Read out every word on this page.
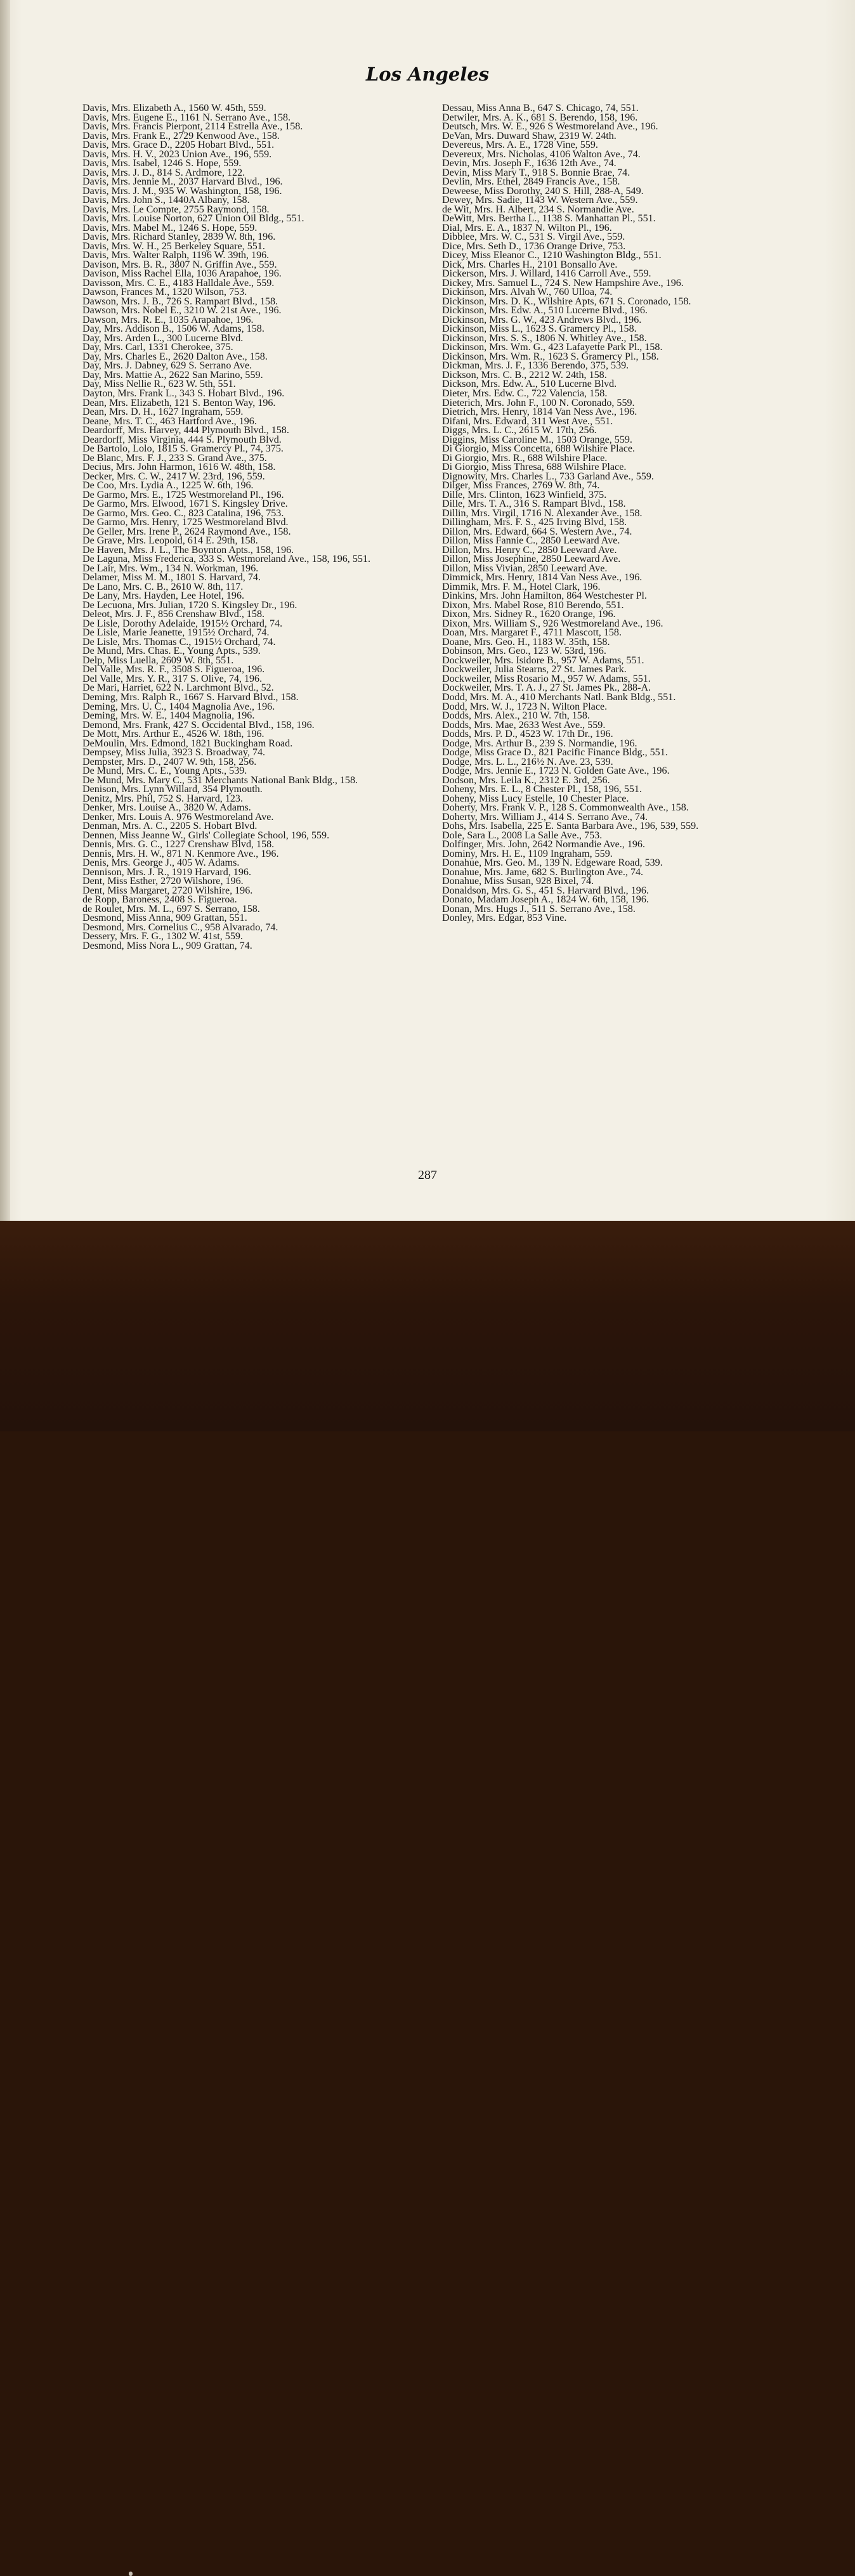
Los Angeles
Davis, Mrs. Elizabeth A., 1560 W. 45th, 559.
Davis, Mrs. Eugene E., 1161 N. Serrano Ave., 158.
Davis, Mrs. Francis Pierpont, 2114 Estrella Ave., 158.
Davis, Mrs. Frank E., 2729 Kenwood Ave., 158.
Davis, Mrs. Grace D., 2205 Hobart Blvd., 551.
Davis, Mrs. H. V., 2023 Union Ave., 196, 559.
Davis, Mrs. Isabel, 1246 S. Hope, 559.
Davis, Mrs. J. D., 814 S. Ardmore, 122.
Davis, Mrs. Jennie M., 2037 Harvard Blvd., 196.
Davis, Mrs. J. M., 935 W. Washington, 158, 196.
Davis, Mrs. John S., 1440A Albany, 158.
Davis, Mrs. Le Compte, 2755 Raymond, 158.
Davis, Mrs. Louise Norton, 627 Union Oil Bldg., 551.
Davis, Mrs. Mabel M., 1246 S. Hope, 559.
Davis, Mrs. Richard Stanley, 2839 W. 8th, 196.
Davis, Mrs. W. H., 25 Berkeley Square, 551.
Davis, Mrs. Walter Ralph, 1196 W. 39th, 196.
Davison, Mrs. B. R., 3807 N. Griffin Ave., 559.
Davison, Miss Rachel Ella, 1036 Arapahoe, 196.
Davisson, Mrs. C. E., 4183 Halldale Ave., 559.
Dawson, Frances M., 1320 Wilson, 753.
Dawson, Mrs. J. B., 726 S. Rampart Blvd., 158.
Dawson, Mrs. Nobel E., 3210 W. 21st Ave., 196.
Dawson, Mrs. R. E., 1035 Arapahoe, 196.
Day, Mrs. Addison B., 1506 W. Adams, 158.
Day, Mrs. Arden L., 300 Lucerne Blvd.
Day, Mrs. Carl, 1331 Cherokee, 375.
Day, Mrs. Charles E., 2620 Dalton Ave., 158.
Day, Mrs. J. Dabney, 629 S. Serrano Ave.
Day, Mrs. Mattie A., 2622 San Marino, 559.
Day, Miss Nellie R., 623 W. 5th, 551.
Dayton, Mrs. Frank L., 343 S. Hobart Blvd., 196.
Dean, Mrs. Elizabeth, 121 S. Benton Way, 196.
Dean, Mrs. D. H., 1627 Ingraham, 559.
Deane, Mrs. T. C., 463 Hartford Ave., 196.
Deardorff, Mrs. Harvey, 444 Plymouth Blvd., 158.
Deardorff, Miss Virginia, 444 S. Plymouth Blvd.
De Bartolo, Lolo, 1815 S. Gramercy Pl., 74, 375.
De Blanc, Mrs. F. J., 233 S. Grand Ave., 375.
Decius, Mrs. John Harmon, 1616 W. 48th, 158.
Decker, Mrs. C. W., 2417 W. 23rd, 196, 559.
De Coo, Mrs. Lydia A., 1225 W. 6th, 196.
De Garmo, Mrs. E., 1725 Westmoreland Pl., 196.
De Garmo, Mrs. Elwood, 1671 S. Kingsley Drive.
De Garmo, Mrs. Geo. C., 823 Catalina, 196, 753.
De Garmo, Mrs. Henry, 1725 Westmoreland Blvd.
De Geller, Mrs. Irene P., 2624 Raymond Ave., 158.
De Grave, Mrs. Leopold, 614 E. 29th, 158.
De Haven, Mrs. J. L., The Boynton Apts., 158, 196.
De Laguna, Miss Frederica, 333 S. Westmoreland Ave., 158, 196, 551.
De Lair, Mrs. Wm., 134 N. Workman, 196.
Delamer, Miss M. M., 1801 S. Harvard, 74.
De Lano, Mrs. C. B., 2610 W. 8th, 117.
De Lany, Mrs. Hayden, Lee Hotel, 196.
De Lecuona, Mrs. Julian, 1720 S. Kingsley Dr., 196.
Deleot, Mrs. J. F., 856 Crenshaw Blvd., 158.
De Lisle, Dorothy Adelaide, 1915½ Orchard, 74.
De Lisle, Marie Jeanette, 1915½ Orchard, 74.
De Lisle, Mrs. Thomas C., 1915½ Orchard, 74.
De Mund, Mrs. Chas. E., Young Apts., 539.
Delp, Miss Luella, 2609 W. 8th, 551.
Del Valle, Mrs. R. F., 3508 S. Figueroa, 196.
Del Valle, Mrs. Y. R., 317 S. Olive, 74, 196.
De Mari, Harriet, 622 N. Larchmont Blvd., 52.
Deming, Mrs. Ralph R., 1667 S. Harvard Blvd., 158.
Deming, Mrs. U. C., 1404 Magnolia Ave., 196.
Deming, Mrs. W. E., 1404 Magnolia, 196.
Demond, Mrs. Frank, 427 S. Occidental Blvd., 158, 196.
De Mott, Mrs. Arthur E., 4526 W. 18th, 196.
DeMoulin, Mrs. Edmond, 1821 Buckingham Road.
Dempsey, Miss Julia, 3923 S. Broadway, 74.
Dempster, Mrs. D., 2407 W. 9th, 158, 256.
De Mund, Mrs. C. E., Young Apts., 539.
De Mund, Mrs. Mary C., 531 Merchants National Bank Bldg., 158.
Denison, Mrs. Lynn Willard, 354 Plymouth.
Denitz, Mrs. Phil, 752 S. Harvard, 123.
Denker, Mrs. Louise A., 3820 W. Adams.
Denker, Mrs. Louis A. 976 Westmoreland Ave.
Denman, Mrs. A. C., 2205 S. Hobart Blvd.
Dennen, Miss Jeanne W., Girls' Collegiate School, 196, 559.
Dennis, Mrs. G. C., 1227 Crenshaw Blvd, 158.
Dennis, Mrs. H. W., 871 N. Kenmore Ave., 196.
Denis, Mrs. George J., 405 W. Adams.
Dennison, Mrs. J. R., 1919 Harvard, 196.
Dent, Miss Esther, 2720 Wilshore, 196.
Dent, Miss Margaret, 2720 Wilshire, 196.
de Ropp, Baroness, 2408 S. Figueroa.
de Roulet, Mrs. M. L., 697 S. Serrano, 158.
Desmond, Miss Anna, 909 Grattan, 551.
Desmond, Mrs. Cornelius C., 958 Alvarado, 74.
Dessery, Mrs. F. G., 1302 W. 41st, 559.
Desmond, Miss Nora L., 909 Grattan, 74.
Dessau, Miss Anna B., 647 S. Chicago, 74, 551.
Detwiler, Mrs. A. K., 681 S. Berendo, 158, 196.
Deutsch, Mrs. W. E., 926 S Westmoreland Ave., 196.
DeVan, Mrs. Duward Shaw, 2319 W. 24th.
Devereus, Mrs. A. E., 1728 Vine, 559.
Devereux, Mrs. Nicholas, 4106 Walton Ave., 74.
Devin, Mrs. Joseph F., 1636 12th Ave., 74.
Devin, Miss Mary T., 918 S. Bonnie Brae, 74.
Devlin, Mrs. Ethel, 2849 Francis Ave., 158.
Deweese, Miss Dorothy, 240 S. Hill, 288-A, 549.
Dewey, Mrs. Sadie, 1143 W. Western Ave., 559.
de Wit, Mrs. H. Albert, 234 S. Normandie Ave.
DeWitt, Mrs. Bertha L., 1138 S. Manhattan Pl., 551.
Dial, Mrs. E. A., 1837 N. Wilton Pl., 196.
Dibblee, Mrs. W. C., 531 S. Virgil Ave., 559.
Dice, Mrs. Seth D., 1736 Orange Drive, 753.
Dicey, Miss Eleanor C., 1210 Washington Bldg., 551.
Dick, Mrs. Charles H., 2101 Bonsallo Ave.
Dickerson, Mrs. J. Willard, 1416 Carroll Ave., 559.
Dickey, Mrs. Samuel L., 724 S. New Hampshire Ave., 196.
Dickinson, Mrs. Alvah W., 760 Ulloa, 74.
Dickinson, Mrs. D. K., Wilshire Apts, 671 S. Coronado, 158.
Dickinson, Mrs. Edw. A., 510 Lucerne Blvd., 196.
Dickinson, Mrs. G. W., 423 Andrews Blvd., 196.
Dickinson, Miss L., 1623 S. Gramercy Pl., 158.
Dickinson, Mrs. S. S., 1806 N. Whitley Ave., 158.
Dickinson, Mrs. Wm. G., 423 Lafayette Park Pl., 158.
Dickinson, Mrs. Wm. R., 1623 S. Gramercy Pl., 158.
Dickman, Mrs. J. F., 1336 Berendo, 375, 539.
Dickson, Mrs. C. B., 2212 W. 24th, 158.
Dickson, Mrs. Edw. A., 510 Lucerne Blvd.
Dieter, Mrs. Edw. C., 722 Valencia, 158.
Dieterich, Mrs. John F., 100 N. Coronado, 559.
Dietrich, Mrs. Henry, 1814 Van Ness Ave., 196.
Difani, Mrs. Edward, 311 West Ave., 551.
Diggs, Mrs. L. C., 2615 W. 17th, 256.
Diggins, Miss Caroline M., 1503 Orange, 559.
Di Giorgio, Miss Concetta, 688 Wilshire Place.
Di Giorgio, Mrs. R., 688 Wilshire Place.
Di Giorgio, Miss Thresa, 688 Wilshire Place.
Dignowity, Mrs. Charles L., 733 Garland Ave., 559.
Dilger, Miss Frances, 2769 W. 8th, 74.
Dille, Mrs. Clinton, 1623 Winfield, 375.
Dille, Mrs. T. A., 316 S. Rampart Blvd., 158.
Dillin, Mrs. Virgil, 1716 N. Alexander Ave., 158.
Dillingham, Mrs. F. S., 425 Irving Blvd, 158.
Dillon, Mrs. Edward, 664 S. Western Ave., 74.
Dillon, Miss Fannie C., 2850 Leeward Ave.
Dillon, Mrs. Henry C., 2850 Leeward Ave.
Dillon, Miss Josephine, 2850 Leeward Ave.
Dillon, Miss Vivian, 2850 Leeward Ave.
Dimmick, Mrs. Henry, 1814 Van Ness Ave., 196.
Dimmik, Mrs. F. M., Hotel Clark, 196.
Dinkins, Mrs. John Hamilton, 864 Westchester Pl.
Dixon, Mrs. Mabel Rose, 810 Berendo, 551.
Dixon, Mrs. Sidney R., 1620 Orange, 196.
Dixon, Mrs. William S., 926 Westmoreland Ave., 196.
Doan, Mrs. Margaret F., 4711 Mascott, 158.
Doane, Mrs. Geo. H., 1183 W. 35th, 158.
Dobinson, Mrs. Geo., 123 W. 53rd, 196.
Dockweiler, Mrs. Isidore B., 957 W. Adams, 551.
Dockweiler, Julia Stearns, 27 St. James Park.
Dockweiler, Miss Rosario M., 957 W. Adams, 551.
Dockweiler, Mrs. T. A. J., 27 St. James Pk., 288-A.
Dodd, Mrs. M. A., 410 Merchants Natl. Bank Bldg., 551.
Dodd, Mrs. W. J., 1723 N. Wilton Place.
Dodds, Mrs. Alex., 210 W. 7th, 158.
Dodds, Mrs. Mae, 2633 West Ave., 559.
Dodds, Mrs. P. D., 4523 W. 17th Dr., 196.
Dodge, Mrs. Arthur B., 239 S. Normandie, 196.
Dodge, Miss Grace D., 821 Pacific Finance Bldg., 551.
Dodge, Mrs. L. L., 216½ N. Ave. 23, 539.
Dodge, Mrs. Jennie E., 1723 N. Golden Gate Ave., 196.
Dodson, Mrs. Leila K., 2312 E. 3rd, 256.
Doheny, Mrs. E. L., 8 Chester Pl., 158, 196, 551.
Doheny, Miss Lucy Estelle, 10 Chester Place.
Doherty, Mrs. Frank V. P., 128 S. Commonwealth Ave., 158.
Doherty, Mrs. William J., 414 S. Serrano Ave., 74.
Dohs, Mrs. Isabella, 225 E. Santa Barbara Ave., 196, 539, 559.
Dole, Sara L., 2008 La Salle Ave., 753.
Dolfinger, Mrs. John, 2642 Normandie Ave., 196.
Dominy, Mrs. H. E., 1109 Ingraham, 559.
Donahue, Mrs. Geo. M., 139 N. Edgeware Road, 539.
Donahue, Mrs. Jame, 682 S. Burlington Ave., 74.
Donahue, Miss Susan, 928 Bixel, 74.
Donaldson, Mrs. G. S., 451 S. Harvard Blvd., 196.
Donato, Madam Joseph A., 1824 W. 6th, 158, 196.
Donan, Mrs. Hugs J., 511 S. Serrano Ave., 158.
Donley, Mrs. Edgar, 853 Vine.
287
